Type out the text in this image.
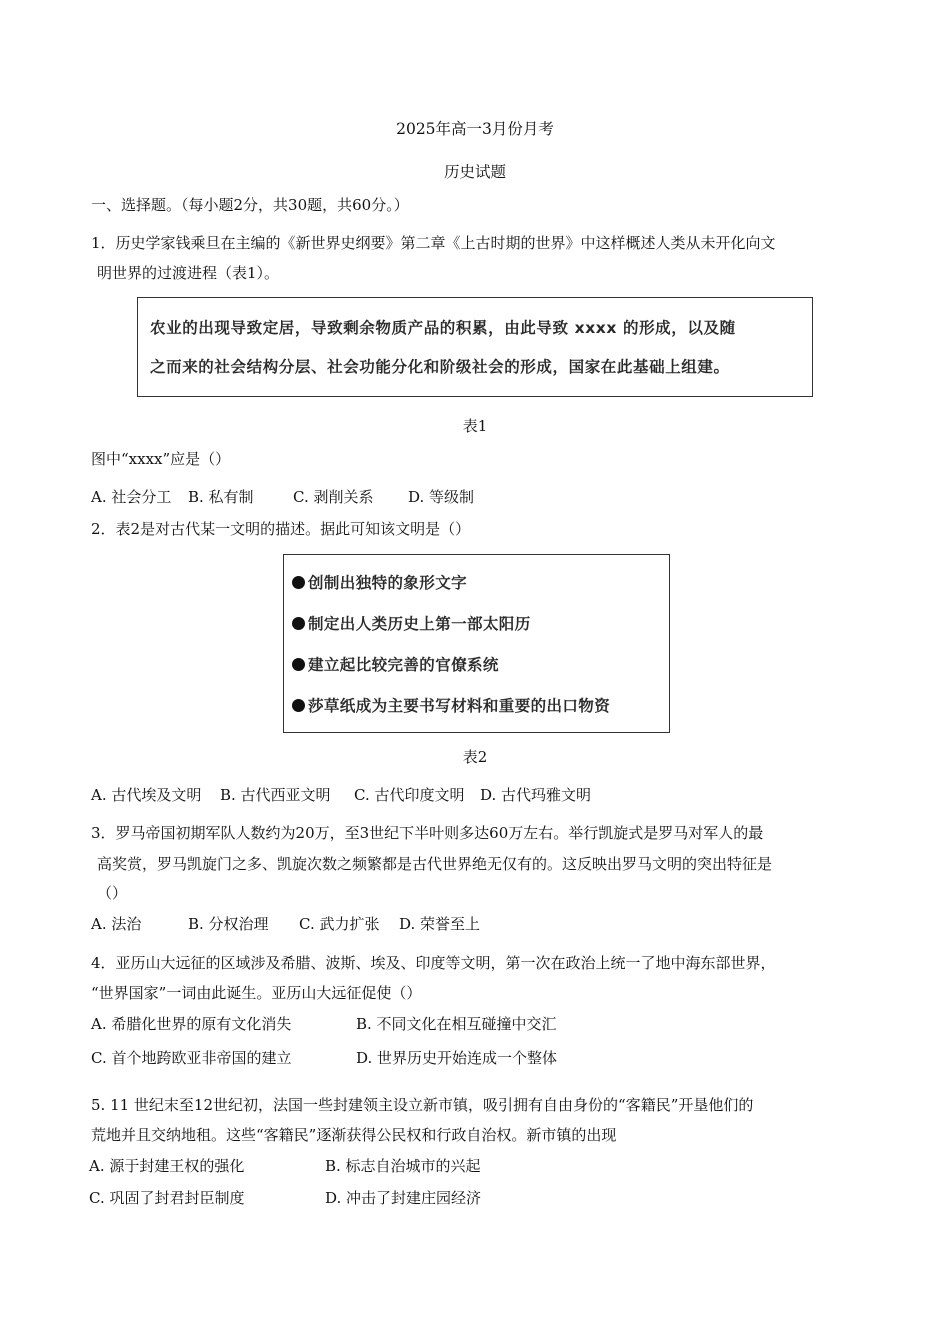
2025年高一3月份月考
历史试题
一、选择题。（每小题2分，共30题，共60分。）
1．历史学家钱乘旦在主编的《新世界史纲要》第二章《上古时期的世界》中这样概述人类从未开化向文
明世界的过渡进程（表1）。
农业的出现导致定居，导致剩余物质产品的积累，由此导致 xxxx 的形成，以及随
之而来的社会结构分层、社会功能分化和阶级社会的形成，国家在此基础上组建。
表1
图中“xxxx”应是（）
A. 社会分工 B. 私有制	C. 剥削关系 D. 等级制
2．表2是对古代某一文明的描述。据此可知该文明是（）
创制出独特的象形文字
制定出人类历史上第一部太阳历
建立起比较完善的官僚系统
莎草纸成为主要书写材料和重要的出口物资
表2
A. 古代埃及文明 B. 古代西亚文明 C. 古代印度文明 D. 古代玛雅文明
3．罗马帝国初期军队人数约为20万，至3世纪下半叶则多达60万左右。举行凯旋式是罗马对军人的最
高奖赏，罗马凯旋门之多、凯旋次数之频繁都是古代世界绝无仅有的。这反映出罗马文明的突出特征是
（）
A. 法治	B. 分权治理 C. 武力扩张 D. 荣誉至上
4．亚历山大远征的区域涉及希腊、波斯、埃及、印度等文明，第一次在政治上统一了地中海东部世界，
“世界国家”一词由此诞生。亚历山大远征促使（）
A. 希腊化世界的原有文化消失	B. 不同文化在相互碰撞中交汇
C. 首个地跨欧亚非帝国的建立	D. 世界历史开始连成一个整体
5. 11 世纪末至12世纪初，法国一些封建领主设立新市镇，吸引拥有自由身份的“客籍民”开垦他们的
荒地并且交纳地租。这些“客籍民”逐渐获得公民权和行政自治权。新市镇的出现
A. 源于封建王权的强化	B. 标志自治城市的兴起
C. 巩固了封君封臣制度	D. 冲击了封建庄园经济
